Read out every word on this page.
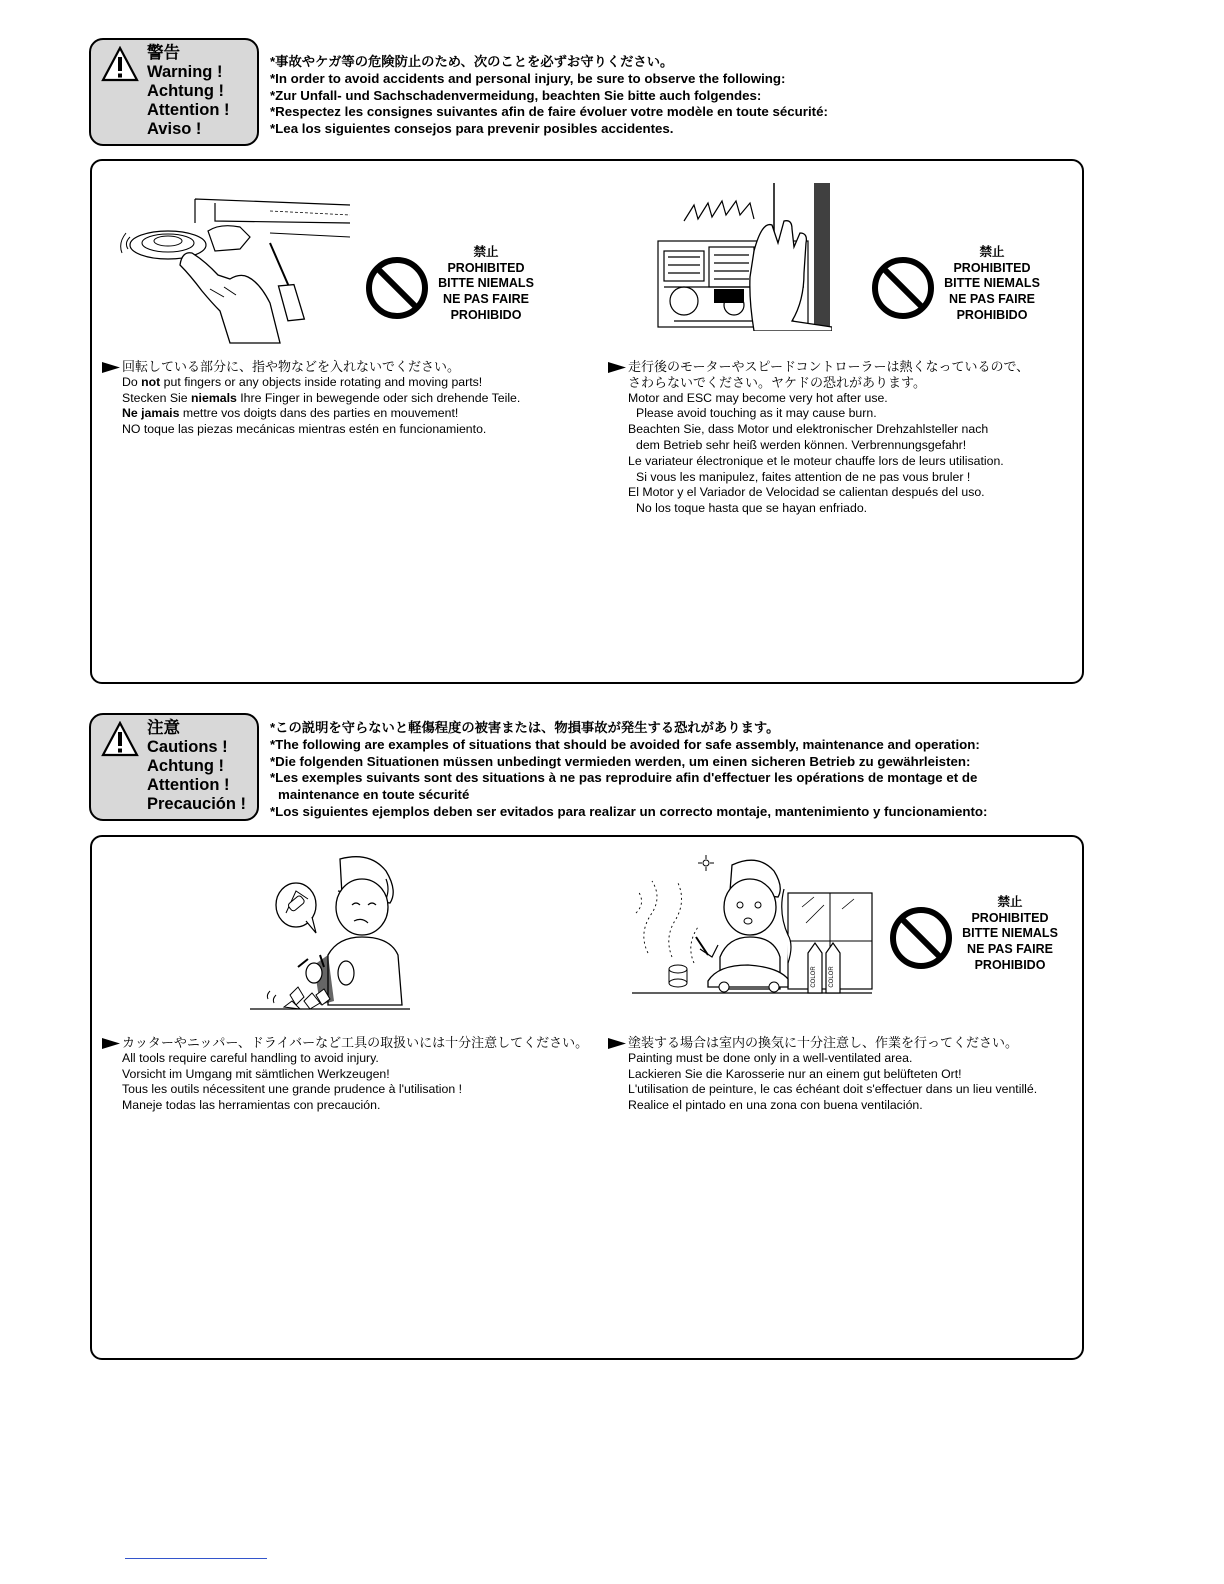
警告
Warning !
Achtung !
Attention !
Aviso !
*事故やケガ等の危険防止のため、次のことを必ずお守りください。
*In order to avoid accidents and personal injury, be sure to observe the following:
*Zur Unfall- und Sachschadenvermeidung, beachten Sie bitte auch folgendes:
*Respectez les consignes suivantes afin de faire évoluer votre modèle en toute sécurité:
*Lea los siguientes consejos para prevenir posibles accidentes.
禁止
PROHIBITED
BITTE NIEMALS
NE PAS FAIRE
PROHIBIDO
禁止
PROHIBITED
BITTE NIEMALS
NE PAS FAIRE
PROHIBIDO
回転している部分に、指や物などを入れないでください。
Do not put fingers or any objects inside rotating and moving parts!
Stecken Sie niemals Ihre Finger in bewegende oder sich drehende Teile.
Ne jamais mettre vos doigts dans des parties en mouvement!
NO toque las piezas mecánicas mientras estén en funcionamiento.
走行後のモーターやスピードコントローラーは熱くなっているので、
さわらないでください。ヤケドの恐れがあります。
Motor and ESC may become very hot after use.
Please avoid touching as it may cause burn.
Beachten Sie, dass Motor und elektronischer Drehzahlsteller nach
dem Betrieb sehr heiß werden können. Verbrennungsgefahr!
Le variateur électronique et le moteur chauffe lors de leurs utilisation.
Si vous les manipulez, faites attention de ne pas vous bruler !
El Motor y el Variador de Velocidad se calientan después del uso.
No los toque hasta que se hayan enfriado.
注意
Cautions !
Achtung !
Attention !
Precaución !
*この説明を守らないと軽傷程度の被害または、物損事故が発生する恐れがあります。
*The following are examples of situations that should be avoided for safe assembly, maintenance and operation:
*Die folgenden Situationen müssen unbedingt vermieden werden, um einen sicheren Betrieb zu gewährleisten:
*Les exemples suivants sont des situations à ne pas reproduire afin d'effectuer les opérations de montage et de
maintenance en toute sécurité
*Los siguientes ejemplos deben ser evitados para realizar un correcto montaje, mantenimiento y funcionamiento:
COLOR COLOR
禁止
PROHIBITED
BITTE NIEMALS
NE PAS FAIRE
PROHIBIDO
カッターやニッパー、ドライバーなど工具の取扱いには十分注意してください。
All tools require careful handling to avoid injury.
Vorsicht im Umgang mit sämtlichen Werkzeugen!
Tous les outils nécessitent une grande prudence à l'utilisation !
Maneje todas las herramientas con precaución.
塗装する場合は室内の換気に十分注意し、作業を行ってください。
Painting must be done only in a well-ventilated area.
Lackieren Sie die Karosserie nur an einem gut belüfteten Ort!
L'utilisation de peinture, le cas échéant doit s'effectuer dans un lieu ventillé.
Realice el pintado en una zona con buena ventilación.
